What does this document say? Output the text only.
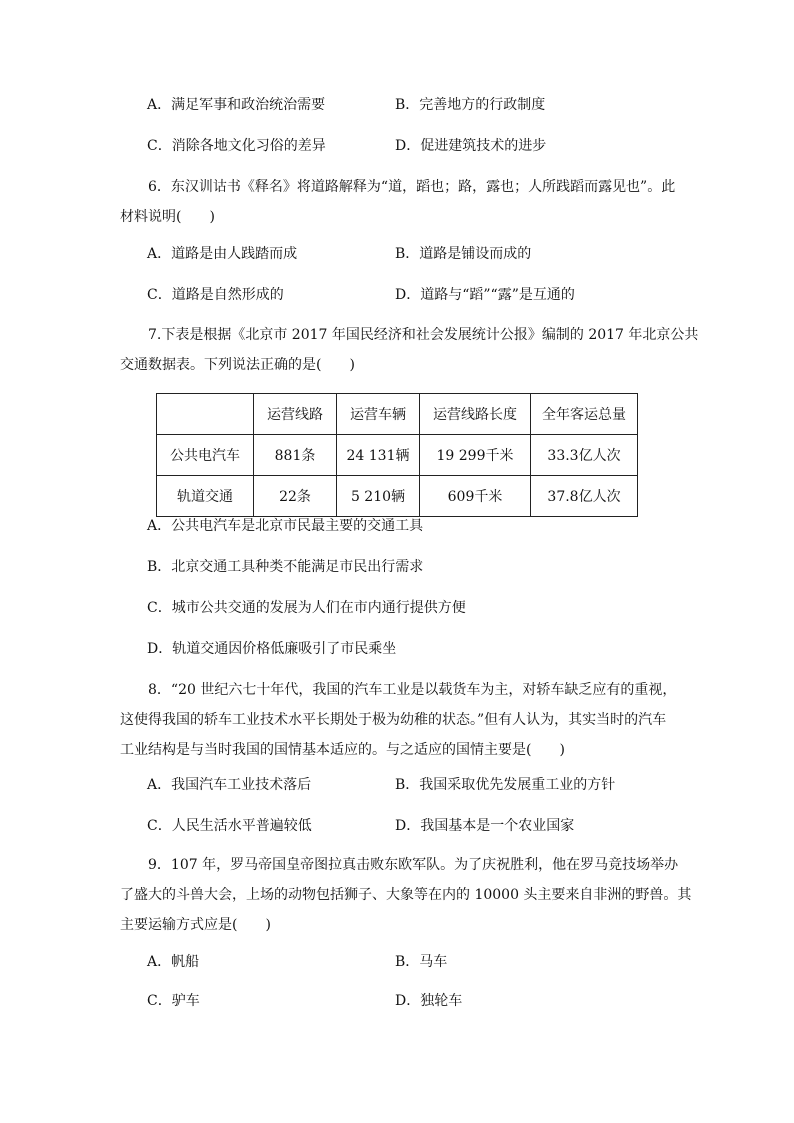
A．满足军事和政治统治需要	B．完善地方的行政制度
C．消除各地文化习俗的差异	D．促进建筑技术的进步
6．东汉训诂书《释名》将道路解释为“道，蹈也；路，露也；人所践蹈而露见也”。此
材料说明(　　)
A．道路是由人践踏而成	B．道路是铺设而成的
C．道路是自然形成的	D．道路与“蹈”“露”是互通的
7.下表是根据《北京市 2017 年国民经济和社会发展统计公报》编制的 2017 年北京公共
交通数据表。下列说法正确的是(　　)
	运营线路	运营车辆	运营线路长度	全年客运总量
公共电汽车	881条	24 131辆	19 299千米	33.3亿人次
轨道交通	22条	5 210辆	609千米	37.8亿人次
A．公共电汽车是北京市民最主要的交通工具
B．北京交通工具种类不能满足市民出行需求
C．城市公共交通的发展为人们在市内通行提供方便
D．轨道交通因价格低廉吸引了市民乘坐
8．“20 世纪六七十年代，我国的汽车工业是以载货车为主，对轿车缺乏应有的重视，
这使得我国的轿车工业技术水平长期处于极为幼稚的状态。”但有人认为，其实当时的汽车
工业结构是与当时我国的国情基本适应的。与之适应的国情主要是(　　)
A．我国汽车工业技术落后	B．我国采取优先发展重工业的方针
C．人民生活水平普遍较低	D．我国基本是一个农业国家
9．107 年，罗马帝国皇帝图拉真击败东欧军队。为了庆祝胜利，他在罗马竞技场举办
了盛大的斗兽大会，上场的动物包括狮子、大象等在内的 10000 头主要来自非洲的野兽。其
主要运输方式应是(　　)
A．帆船	B．马车
C．驴车	D．独轮车
